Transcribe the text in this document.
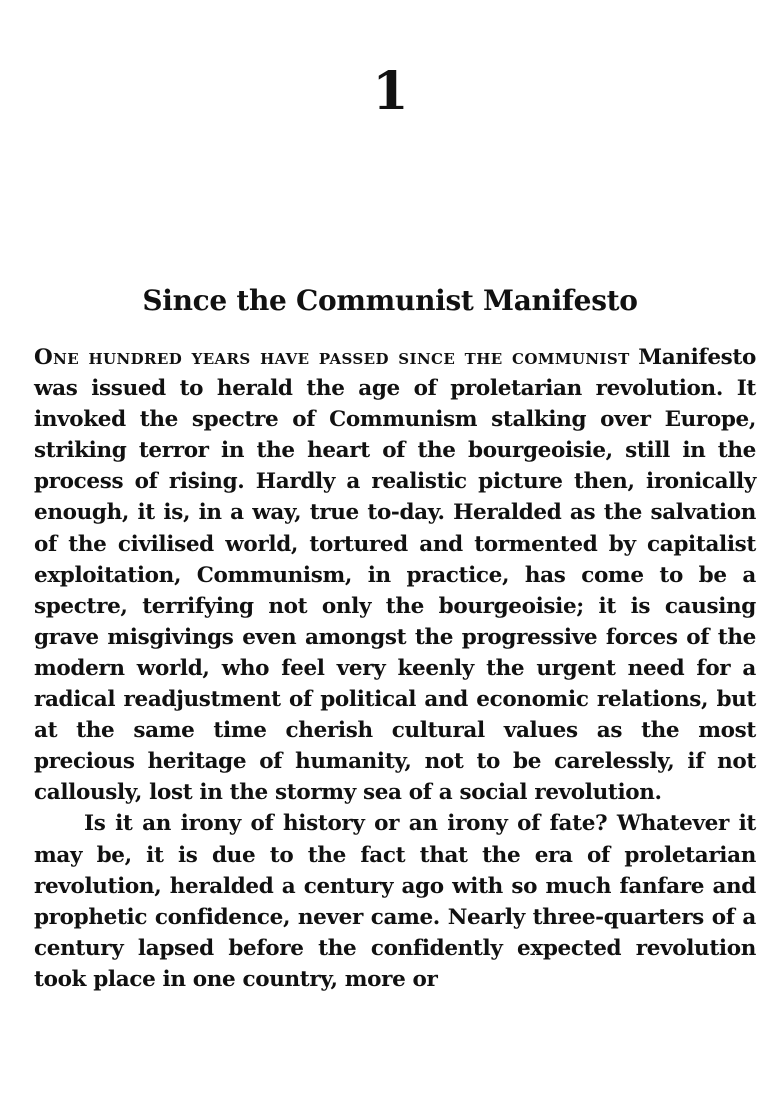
1
Since the Communist Manifesto

One hundred years have passed since the communist Manifesto was issued to herald the age of proletarian revolution. It invoked the spectre of Communism stalking over Europe, striking terror in the heart of the bourgeoisie, still in the process of rising. Hardly a realistic picture then, ironically enough, it is, in a way, true to-day. Heralded as the salvation of the civilised world, tortured and tormented by capitalist exploitation, Communism, in practice, has come to be a spectre, terrifying not only the bourgeoisie; it is causing grave misgivings even amongst the progressive forces of the modern world, who feel very keenly the urgent need for a radical readjustment of political and economic relations, but at the same time cherish cultural values as the most precious heritage of humanity, not to be carelessly, if not callously, lost in the stormy sea of a social revolution.

Is it an irony of history or an irony of fate? Whatever it may be, it is due to the fact that the era of proletarian revolution, heralded a century ago with so much fanfare and prophetic confidence, never came. Nearly three-quarters of a century lapsed before the confidently expected revolution took place in one country, more or
